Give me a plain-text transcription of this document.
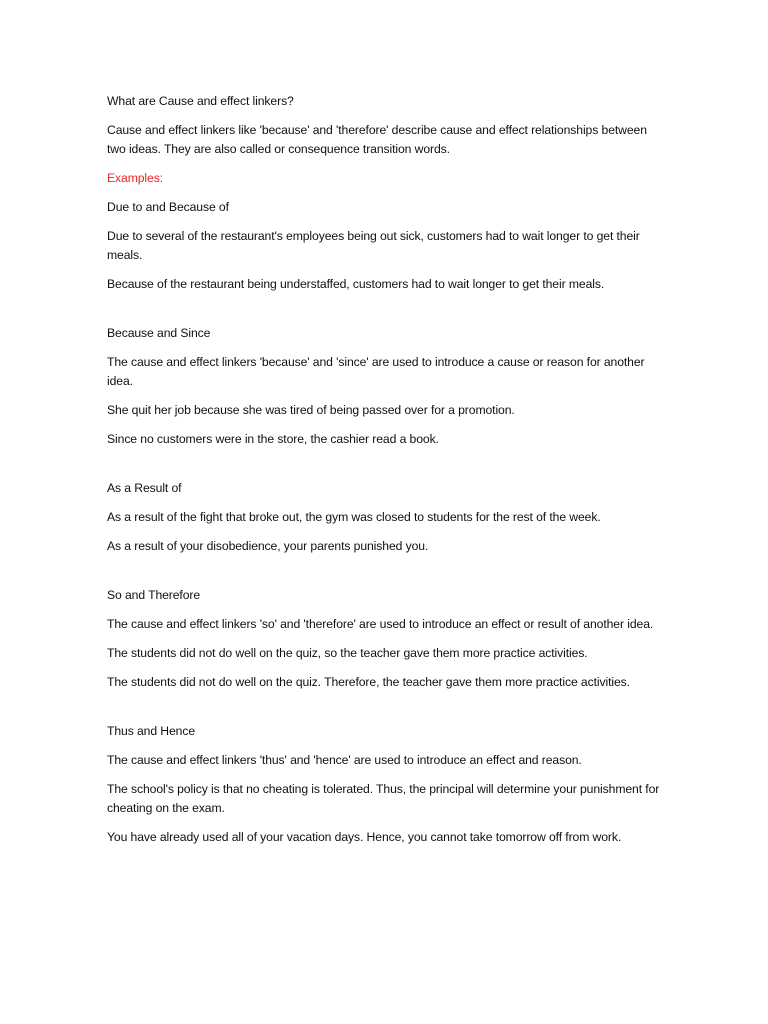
What are Cause and effect linkers?

Cause and effect linkers like 'because' and 'therefore' describe cause and effect relationships between two ideas. They are also called or consequence transition words.

Examples:

Due to and Because of

Due to several of the restaurant's employees being out sick, customers had to wait longer to get their meals.

Because of the restaurant being understaffed, customers had to wait longer to get their meals.

Because and Since

The cause and effect linkers 'because' and 'since' are used to introduce a cause or reason for another idea.

She quit her job because she was tired of being passed over for a promotion.

Since no customers were in the store, the cashier read a book.

As a Result of

As a result of the fight that broke out, the gym was closed to students for the rest of the week.

As a result of your disobedience, your parents punished you.

So and Therefore

The cause and effect linkers 'so' and 'therefore' are used to introduce an effect or result of another idea.

The students did not do well on the quiz, so the teacher gave them more practice activities.

The students did not do well on the quiz. Therefore, the teacher gave them more practice activities.

Thus and Hence

The cause and effect linkers 'thus' and 'hence' are used to introduce an effect and reason.

The school's policy is that no cheating is tolerated. Thus, the principal will determine your punishment for cheating on the exam.

You have already used all of your vacation days. Hence, you cannot take tomorrow off from work.
